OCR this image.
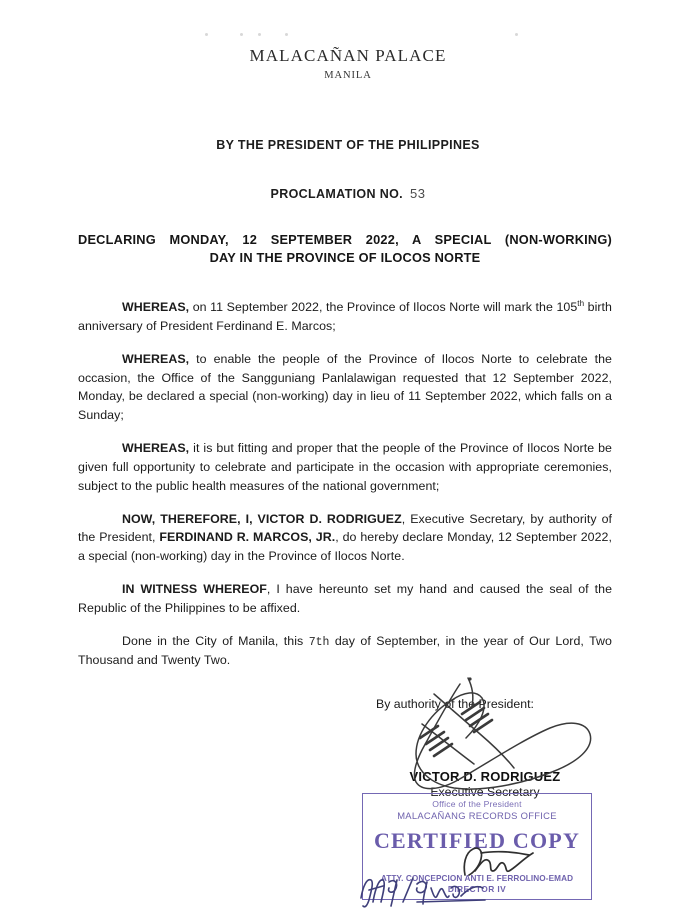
MALACAÑAN PALACE
MANILA
BY THE PRESIDENT OF THE PHILIPPINES
PROCLAMATION NO. 53
DECLARING MONDAY, 12 SEPTEMBER 2022, A SPECIAL (NON-WORKING)
DAY IN THE PROVINCE OF ILOCOS NORTE

WHEREAS, on 11 September 2022, the Province of Ilocos Norte will mark the 105th birth anniversary of President Ferdinand E. Marcos;

WHEREAS, to enable the people of the Province of Ilocos Norte to celebrate the occasion, the Office of the Sangguniang Panlalawigan requested that 12 September 2022, Monday, be declared a special (non-working) day in lieu of 11 September 2022, which falls on a Sunday;

WHEREAS, it is but fitting and proper that the people of the Province of Ilocos Norte be given full opportunity to celebrate and participate in the occasion with appropriate ceremonies, subject to the public health measures of the national government;

NOW, THEREFORE, I, VICTOR D. RODRIGUEZ, Executive Secretary, by authority of the President, FERDINAND R. MARCOS, JR., do hereby declare Monday, 12 September 2022, a special (non-working) day in the Province of Ilocos Norte.

IN WITNESS WHEREOF, I have hereunto set my hand and caused the seal of the Republic of the Philippines to be affixed.

Done in the City of Manila, this 7th day of September, in the year of Our Lord, Two Thousand and Twenty Two.

By authority of the President:
VICTOR D. RODRIGUEZ
Executive Secretary
Office of the President
MALACAÑANG RECORDS OFFICE
CERTIFIED COPY
ATTY. CONCEPCION ANTI E. FERROLINO-EMAD
DIRECTOR IV
